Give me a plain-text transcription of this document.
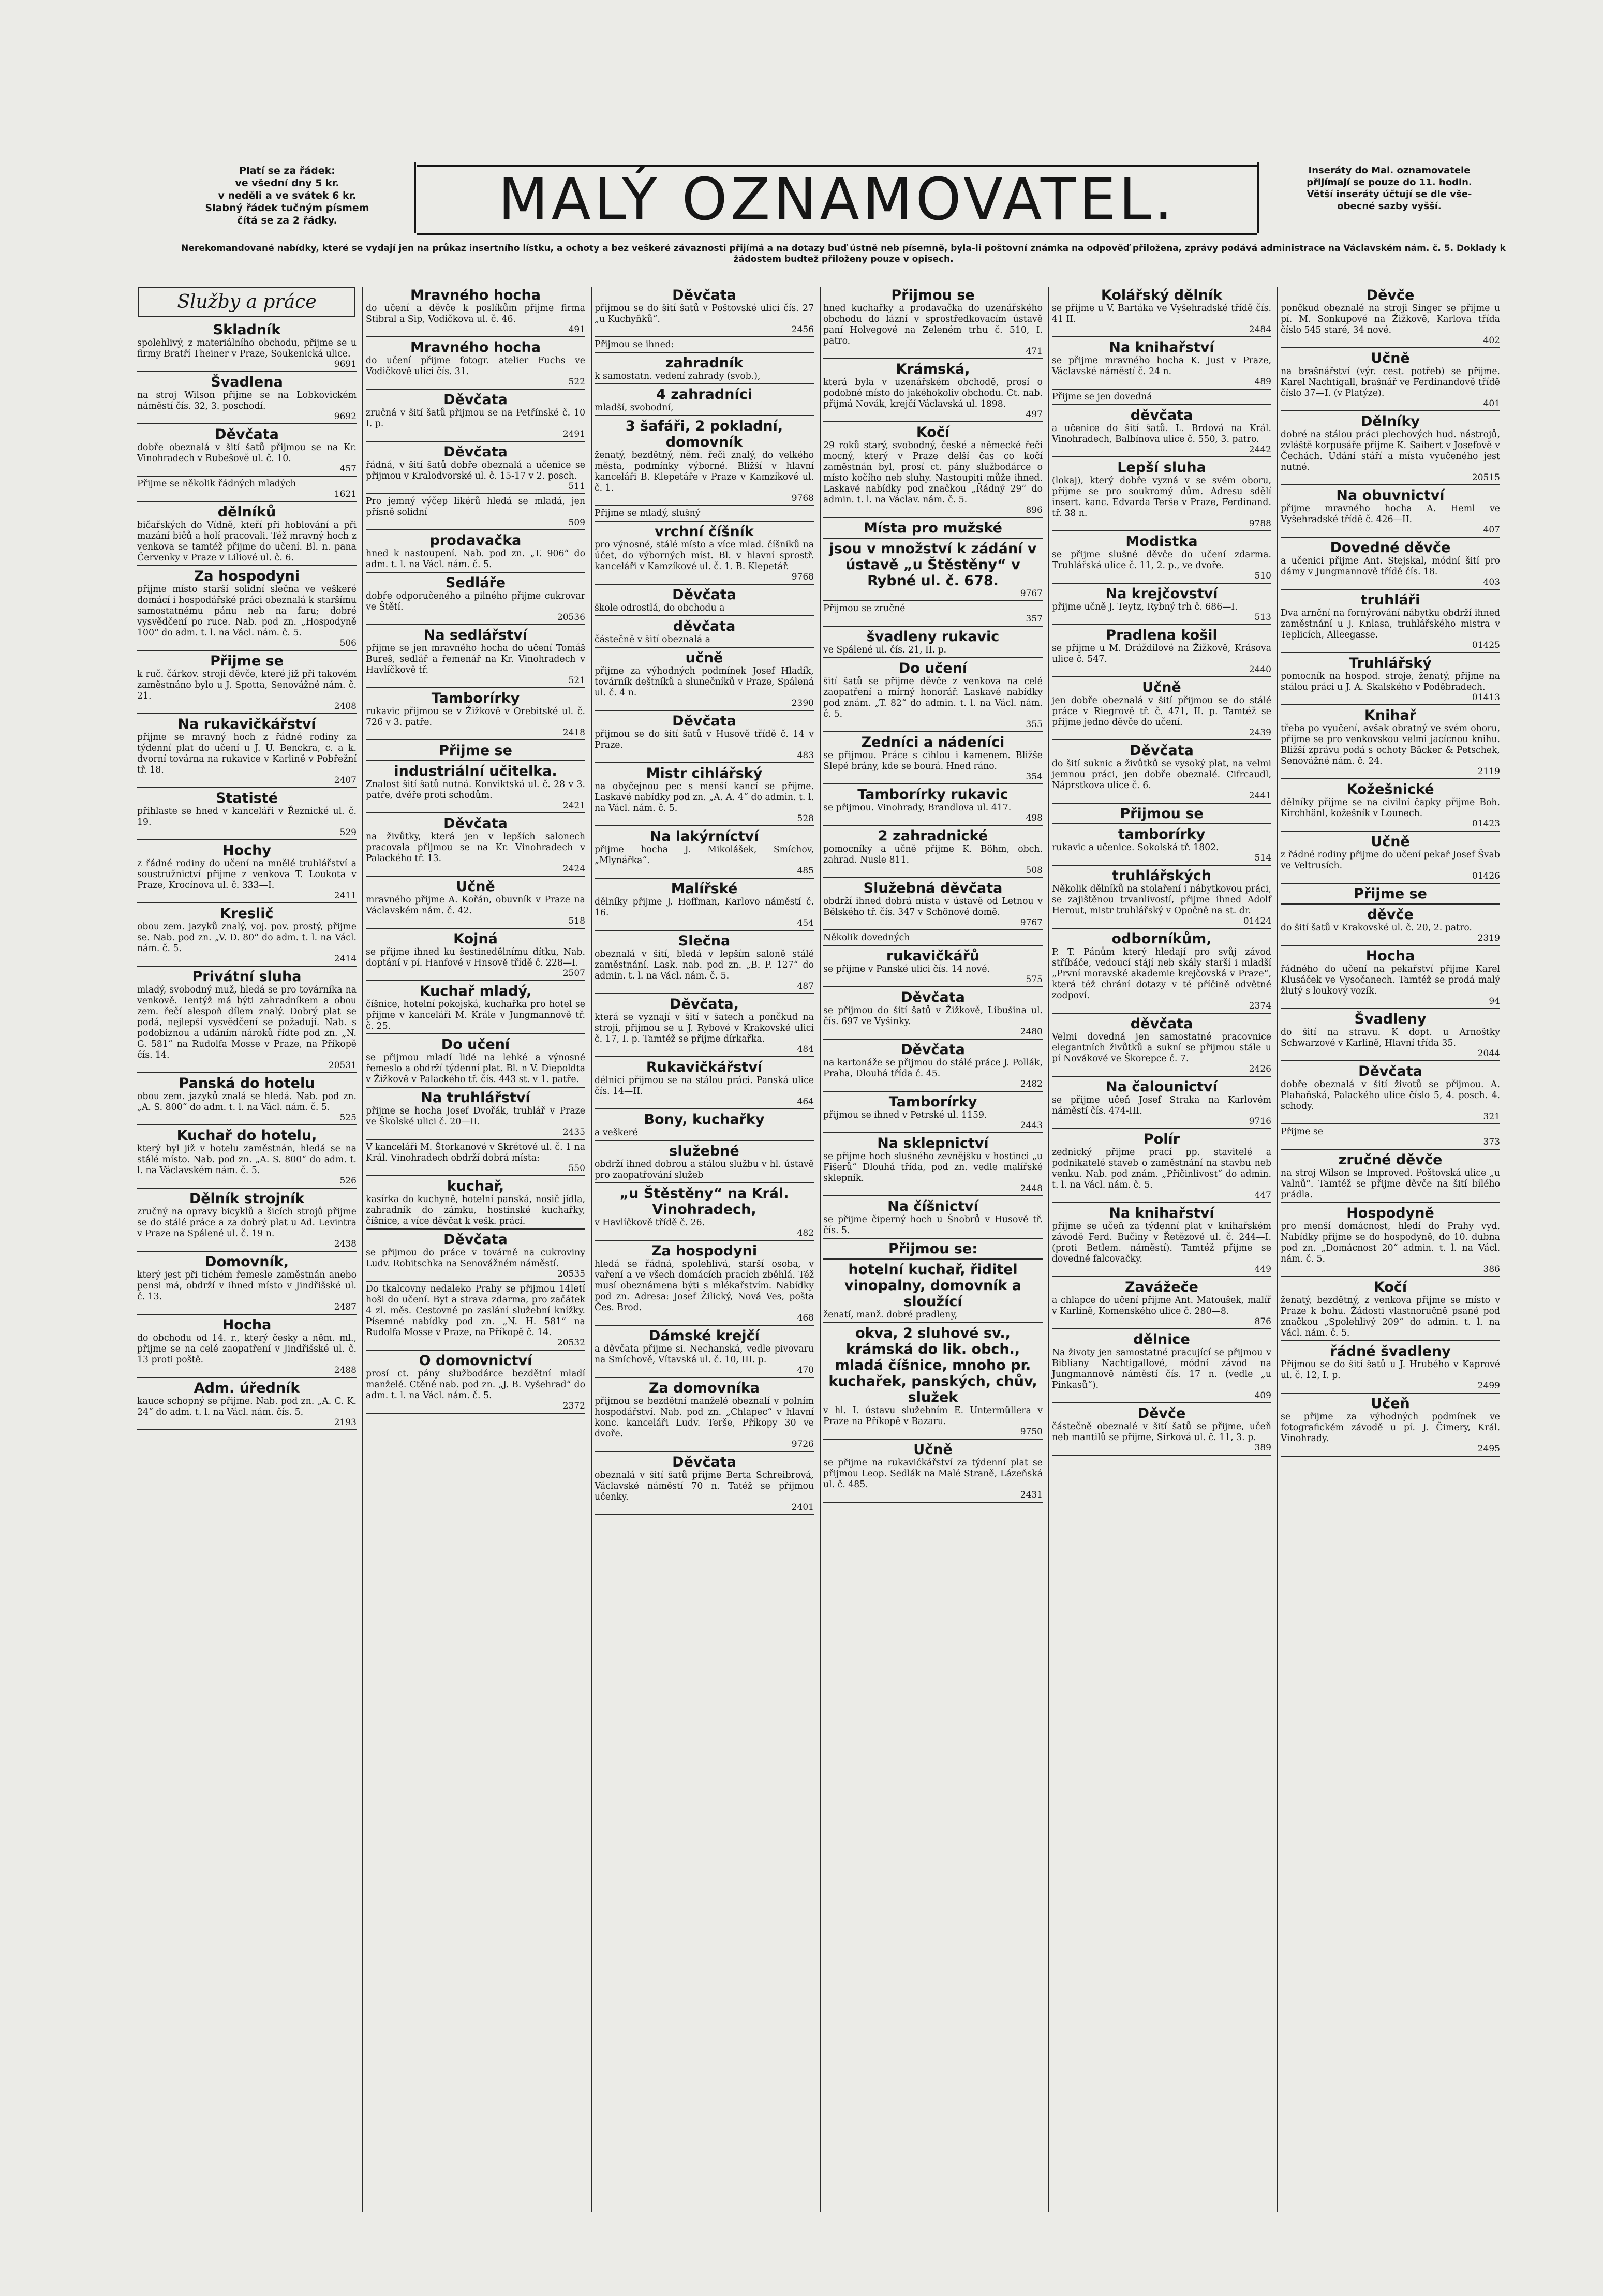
Platí se za řádek:
ve všední dny 5 kr.
v neděli a ve svátek 6 kr.
Slabný řádek tučným písmem
čítá se za 2 řádky.	MALÝ OZNAMOVATEL.	Inseráty do Mal. oznamovatele
přijímají se pouze do 11. hodin.
Větší inseráty účtují se dle vše-
obecné sazby vyšší.
Nerekomandované nabídky, které se vydají jen na průkaz insertního lístku, a ochoty a bez veškeré závaznosti přijímá a na dotazy buď ústně neb písemně, byla-li poštovní známka na odpověď přiložena, zprávy podává administrace na Václavském nám. č. 5. Doklady k žádostem budtež přiloženy pouze v opisech.
Služby a práce
Skladník

spolehlivý, z materiálního obchodu, přijme se u firmy Bratří Theiner v Praze, Soukenická ulice.

9691
Švadlena

na stroj Wilson přijme se na Lobkovickém náměstí čís. 32, 3. poschodí.

9692
Děvčata

dobře obeznalá v šití šatů přijmou se na Kr. Vinohradech v Rubešově ul. č. 10.

457

Přijme se několik řádných mladých

1621
dělníků

bičařských do Vídně, kteří při hoblování a při mazání bičů a holí pracovali. Též mravný hoch z venkova se tamtéž přijme do učení. Bl. n. pana Červenky v Praze v Liliové ul. č. 6.

Za hospodyni

přijme místo starší solidní slečna ve veškeré domácí i hospodářské práci obeznalá k staršímu samostatnému pánu neb na faru; dobré vysvědčení po ruce. Nab. pod zn. „Hospodyně 100“ do adm. t. l. na Václ. nám. č. 5.

506
Přijme se

k ruč. čárkov. stroji děvče, které již při takovém zaměstnáno bylo u J. Spotta, Senovážné nám. č. 21.

2408
Na rukavičkářství

přijme se mravný hoch z řádné rodiny za týdenní plat do učení u J. U. Benckra, c. a k. dvorní továrna na rukavice v Karlině v Pobřežní tř. 18.

2407
Statisté

přihlaste se hned v kanceláři v Řeznické ul. č. 19.

529
Hochy

z řádné rodiny do učení na mnělé truhlářství a soustružnictví přijme z venkova T. Loukota v Praze, Krocínova ul. č. 333—I.

2411
Kreslič

obou zem. jazyků znalý, voj. pov. prostý, přijme se. Nab. pod zn. „V. D. 80“ do adm. t. l. na Václ. nám. č. 5.

2414
Privátní sluha

mladý, svobodný muž, hledá se pro továrníka na venkově. Tentýž má býti zahradníkem a obou zem. řečí alespoň dílem znalý. Dobrý plat se podá, nejlepší vysvědčení se požadují. Nab. s podobiznou a udáním nároků řídte pod zn. „N. G. 581“ na Rudolfa Mosse v Praze, na Příkopě čís. 14.

20531
Panská do hotelu

obou zem. jazyků znalá se hledá. Nab. pod zn. „A. S. 800“ do adm. t. l. na Václ. nám. č. 5.

525
Kuchař do hotelu,

který byl již v hotelu zaměstnán, hledá se na stálé místo. Nab. pod zn. „A. S. 800“ do adm. t. l. na Václavském nám. č. 5.

526
Dělník strojník

zručný na opravy bicyklů a šicích strojů přijme se do stálé práce a za dobrý plat u Ad. Levintra v Praze na Spálené ul. č. 19 n.

2438
Domovník,

který jest při tichém řemesle zaměstnán anebo pensi má, obdrží v ihned místo v Jindřišské ul. č. 13.

2487
Hocha

do obchodu od 14. r., který česky a něm. ml., přijme se na celé zaopatření v Jindřišské ul. č. 13 proti poště.

2488
Adm. úředník

kauce schopný se přijme. Nab. pod zn. „A. C. K. 24“ do adm. t. l. na Václ. nám. čís. 5.

2193
Mravného hocha

do učení a děvče k poslíkům přijme firma Stibral a Sip, Vodičkova ul. č. 46.

491
Mravného hocha

do učení přijme fotogr. atelier Fuchs ve Vodičkově ulici čís. 31.

522
Děvčata

zručná v šití šatů přijmou se na Petřínské č. 10 I. p.

2491
Děvčata

řádná, v šití šatů dobře obeznalá a učenice se přijmou v Kralodvorské ul. č. 15-17 v 2. posch.

511

Pro jemný výčep likérů hledá se mladá, jen přísně solidní

509
prodavačka

hned k nastoupení. Nab. pod zn. „T. 906“ do adm. t. l. na Václ. nám. č. 5.

Sedláře

dobře odporučeného a pilného přijme cukrovar ve Štětí.

20536
Na sedlářství

přijme se jen mravného hocha do učení Tomáš Bureš, sedlář a řemenář na Kr. Vinohradech v Havlíčkově tř.

521
Tamborírky

rukavic přijmou se v Žižkově v Orebitské ul. č. 726 v 3. patře.

2418
Přijme se
industriální učitelka.

Znalost šití šatů nutná. Konviktská ul. č. 28 v 3. patře, dvéře proti schodům.

2421
Děvčata

na živůtky, která jen v lepších salonech pracovala přijmou se na Kr. Vinohradech v Palackého tř. 13.

2424
Učně

mravného přijme A. Kořán, obuvník v Praze na Václavském nám. č. 42.

518
Kojná

se přijme ihned ku šestinedělnímu dítku, Nab. doptání v pí. Hanfové v Hnsově třídě č. 228—I.

2507
Kuchař mladý,

číšnice, hotelní pokojská, kuchařka pro hotel se přijme v kanceláři M. Krále v Jungmannově tř. č. 25.

Do učení

se přijmou mladí lidé na lehké a výnosné řemeslo a obdrží týdenní plat. Bl. n V. Diepoldta v Žižkově v Palackého tř. čís. 443 st. v 1. patře.

Na truhlářství

přijme se hocha Josef Dvořák, truhlář v Praze ve Školské ulici č. 20—II.

2435

V kanceláři M. Štorkanové v Skrétové ul. č. 1 na Král. Vinohradech obdrží dobrá místa:

550
kuchař,

kasírka do kuchyně, hotelní panská, nosič jídla, zahradník do zámku, hostinské kuchařky, číšnice, a více děvčat k vešk. prácí.

Děvčata

se přijmou do práce v továrně na cukroviny Ludv. Robitschka na Senovážném náměstí.

20535

Do tkalcovny nedaleko Prahy se přijmou 14letí hoši do učení. Byt a strava zdarma, pro začátek 4 zl. měs. Cestovné po zaslání služební knížky. Písemné nabídky pod zn. „N. H. 581“ na Rudolfa Mosse v Praze, na Příkopě č. 14.

20532
O domovnictví

prosí ct. pány službodárce bezdětní mladí manželé. Ctěné nab. pod zn. „J. B. Vyšehrad“ do adm. t. l. na Václ. nám. č. 5.

2372
Děvčata

přijmou se do šití šatů v Poštovské ulici čís. 27 „u Kuchyňků“.

2456

Přijmou se ihned:

zahradník

k samostatn. vedení zahrady (svob.),

4 zahradníci

mladší, svobodní,

3 šafáři, 2 pokladní, domovník

ženatý, bezdětný, něm. řeči znalý, do velkého města, podmínky výborné. Bližší v hlavní kanceláři B. Klepetáře v Praze v Kamzíkové ul. č. 1.

9768

Přijme se mladý, slušný

vrchní číšník

pro výnosné, stálé místo a více mlad. číšníků na účet, do výborných míst. Bl. v hlavní sprostř. kanceláři v Kamzíkové ul. č. 1. B. Klepetář.

9768
Děvčata

škole odrostlá, do obchodu a

děvčata

částečně v šití obeznalá a

učně

přijme za výhodných podmínek Josef Hladík, továrník deštníků a slunečníků v Praze, Spálená ul. č. 4 n.

2390
Děvčata

přijmou se do šití šatů v Husově třídě č. 14 v Praze.

483
Mistr cihlářský

na obyčejnou pec s menší kancí se přijme. Laskavé nabídky pod zn. „A. A. 4“ do admin. t. l. na Václ. nám. č. 5.

528
Na lakýrníctví

přijme hocha J. Mikolášek, Smíchov, „Mlynářka“.

485
Malířské

dělníky přijme J. Hoffman, Karlovo náměstí č. 16.

454
Slečna

obeznalá v šití, bledá v lepším saloně stálé zaměstnání. Lask. nab. pod zn. „B. P. 127“ do admin. t. l. na Václ. nám. č. 5.

487
Děvčata,

která se vyznají v šití v šatech a pončkud na stroji, přijmou se u J. Rybové v Krakovské ulici č. 17, I. p. Tamtéž se přijme dírkařka.

484
Rukavičkářství

délnici přijmou se na stálou práci. Panská ulice čís. 14—II.

464
Bony, kuchařky

a veškeré

služebné

obdrží ihned dobrou a stálou službu v hl. ústavě pro zaopatřování služeb

„u Štěstěny“ na Král. Vinohradech,

v Havlíčkově třídě č. 26.

482
Za hospodyni

hledá se řádná, spolehlivá, starší osoba, v vaření a ve všech domácích pracích zběhlá. Též musí obeznámena býti s mlékařstvím. Nabídky pod zn. Adresa: Josef Žilický, Nová Ves, pošta Čes. Brod.

468
Dámské krejčí

a děvčata přijme si. Nechanská, vedle pivovaru na Smíchově, Vítavská ul. č. 10, III. p.

470
Za domovníka

přijmou se bezdětní manželé obeznalí v polním hospodářství. Nab. pod zn. „Chlapec“ v hlavní konc. kanceláři Ludv. Terše, Příkopy 30 ve dvoře.

9726
Děvčata

obeznalá v šití šatů přijme Berta Schreibrová, Václavské náměstí 70 n. Tatéž se přijmou učenky.

2401
Přijmou se

hned kuchařky a prodavačka do uzenářského obchodu do lázní v sprostředkovacím ústavě paní Holvegové na Zeleném trhu č. 510, I. patro.

471
Krámská,

která byla v uzenářském obchodě, prosí o podobné místo do jakéhokoliv obchodu. Ct. nab. přijmá Novák, krejčí Václavská ul. 1898.

497
Kočí

29 roků starý, svobodný, české a německé řeči mocný, který v Praze delší čas co kočí zaměstnán byl, prosí ct. pány službodárce o místo kočího neb sluhy. Nastoupiti může ihned. Laskavé nabídky pod značkou „Řádný 29“ do admin. t. l. na Václav. nám. č. 5.

896
Místa pro mužské
jsou v množství k zádání v ústavě „u Štěstěny“ v Rybné ul. č. 678.
9767

Přijmou se zručné

357
švadleny rukavic

ve Spálené ul. čís. 21, II. p.

Do učení

šití šatů se přijme děvče z venkova na celé zaopatření a mírný honorář. Laskavé nabídky pod znám. „T. 82“ do admin. t. l. na Václ. nám. č. 5.

355
Zedníci a nádeníci

se přijmou. Práce s cihlou i kamenem. Bližše Slepé brány, kde se bourá. Hned ráno.

354
Tamborírky rukavic

se přijmou. Vinohrady, Brandlova ul. 417.

498
2 zahradnické

pomocníky a učně přijme K. Böhm, obch. zahrad. Nusle 811.

508
Služebná děvčata

obdrží ihned dobrá místa v ústavě od Letnou v Bělského tř. čís. 347 v Schönové domě.

9767

Několik dovedných

rukavičkářů

se přijme v Panské ulici čís. 14 nové.

575
Děvčata

se přijmou do šití šatů v Žižkově, Libušina ul. čís. 697 ve Vyšinky.

2480
Děvčata

na kartonáže se přijmou do stálé práce J. Pollák, Praha, Dlouhá třída č. 45.

2482
Tamborírky

přijmou se ihned v Petrské ul. 1159.

2443
Na sklepnictví

se přijme hoch slušného zevnějšku v hostinci „u Fišerů“ Dlouhá třída, pod zn. vedle malířské sklepník.

2448
Na číšnictví

se přijme čiperný hoch u Šnobrů v Husově tř. čís. 5.

Přijmou se:
hotelní kuchař, řiditel vinopalny, domovník a sloužící

ženatí, manž. dobré pradleny,

okva, 2 sluhové sv., krámská do lik. obch., mladá číšnice, mnoho pr. kuchařek, panských, chův, služek

v hl. I. ústavu služebním E. Untermüllera v Praze na Příkopě v Bazaru.

9750
Učně

se přijme na rukavičkářství za týdenní plat se přijmou Leop. Sedlák na Malé Straně, Lázeňská ul. č. 485.

2431
Kolářský dělník

se přijme u V. Bartáka ve Vyšehradské třídě čís. 41 II.

2484
Na knihařství

se přijme mravného hocha K. Just v Praze, Václavské náměstí č. 24 n.

489

Přijme se jen dovedná

děvčata

a učenice do šití šatů. L. Brdová na Král. Vinohradech, Balbínova ulice č. 550, 3. patro.

2442
Lepší sluha

(lokaj), který dobře vyzná v se svém oboru, přijme se pro soukromý dům. Adresu sdělí insert. kanc. Edvarda Terše v Praze, Ferdinand. tř. 38 n.

9788
Modistka

se přijme slušné děvče do učení zdarma. Truhlářská ulice č. 11, 2. p., ve dvoře.

510
Na krejčovství

přijme učně J. Teytz, Rybný trh č. 686—I.

513
Pradlena košil

se přijme u M. Dráždilové na Žižkově, Krásova ulice č. 547.

2440
Učně

jen dobře obeznalá v šití přijmou se do stálé práce v Riegrově tř. č. 471, II. p. Tamtéž se přijme jedno děvče do učení.

2439
Děvčata

do šití suknic a živůtků se vysoký plat, na velmi jemnou práci, jen dobře obeznalé. Cifrcaudl, Náprstkova ulice č. 6.

2441
Přijmou se
tamborírky

rukavic a učenice. Sokolská tř. 1802.

514
truhlářských

Několik dělníků na stolaření i nábytkovou práci, se zajištěnou trvanlivostí, přijme ihned Adolf Herout, mistr truhlářský v Opočně na st. dr.

01424
odborníkům,

P. T. Pánům který hledají pro svůj závod stříbáče, vedoucí stájí neb skály starší i mladší „První moravské akademie krejčovská v Praze“, která též chrání dotazy v té příčině odvětné zodpoví.

2374
děvčata

Velmi dovedná jen samostatné pracovnice elegantních živůtků a sukní se přijmou stále u pí Novákové ve Škorepce č. 7.

2426
Na čalounictví

se přijme učeň Josef Straka na Karlovém náměstí čís. 474-III.

9716
Polír

zednický přijme prací pp. stavitelé a podnikatelé staveb o zaměstnání na stavbu neb venku. Nab. pod znám. „Přičinlivost“ do admin. t. l. na Václ. nám. č. 5.

447
Na knihařství

přijme se učeň za týdenní plat v knihařském závodě Ferd. Bučiny v Řetězové ul. č. 244—I. (proti Betlem. náměstí). Tamtéž přijme se dovedné falcovačky.

449
Zavážeče

a chlapce do učení přijme Ant. Matoušek, malíř v Karlině, Komenského ulice č. 280—8.

876
dělnice

Na životy jen samostatné pracující se přijmou v Bibliany Nachtigallové, módní závod na Jungmannově náměstí čís. 17 n. (vedle „u Pinkasů“).

409
Děvče

částečně obeznalé v šití šatů se přijme, učeň neb mantilů se přijme, Sirková ul. č. 11, 3. p.

389
Děvče

pončkud obeznalé na stroji Singer se přijme u pí. M. Sonkupové na Žižkově, Karlova třída číslo 545 staré, 34 nové.

402
Učně

na brašnářství (výr. cest. potřeb) se přijme. Karel Nachtigall, brašnář ve Ferdinandově třídě číslo 37—I. (v Platýze).

401
Dělníky

dobré na stálou práci plechových hud. nástrojů, zvláště korpusáře přijme K. Saibert v Josefově v Čechách. Udání stáří a místa vyučeného jest nutné.

20515
Na obuvnictví

přijme mravného hocha A. Heml ve Vyšehradské třídě č. 426—II.

407
Dovedné děvče

a učenici přijme Ant. Stejskal, módní šití pro dámy v Jungmannově třídě čís. 18.

403
truhláři

Dva arnční na fornýrování nábytku obdrží ihned zaměstnání u J. Knlasa, truhlářského mistra v Teplicích, Alleegasse.

01425
Truhlářský

pomocník na hospod. stroje, ženatý, přijme na stálou práci u J. A. Skalského v Poděbradech.

01413
Knihař

třeba po vyučení, avšak obratný ve svém oboru, přijme se pro venkovskou velmi jacícnou knihu. Bližší zprávu podá s ochoty Bäcker & Petschek, Senovážné nám. č. 24.

2119
Kožešnické

dělníky přijme se na civilní čapky přijme Boh. Kirchhänl, kožešník v Lounech.

01423
Učně

z řádné rodiny přijme do učení pekař Josef Švab ve Veltrusích.

01426
Přijme se
děvče

do šití šatů v Krakovské ul. č. 20, 2. patro.

2319
Hocha

řádného do učení na pekařství přijme Karel Klusáček ve Vysočanech. Tamtéž se prodá malý žlutý s loukový vozík.

94
Švadleny

do šití na stravu. K dopt. u Arnoštky Schwarzové v Karlině, Hlavní třída 35.

2044
Děvčata

dobře obeznalá v šití životů se přijmou. A. Plahaňská, Palackého ulice číslo 5, 4. posch. 4. schody.

321

Přijme se

373
zručné děvče

na stroj Wilson se Improved. Poštovská ulice „u Valnů“. Tamtéž se přijme děvče na šití bílého prádla.

Hospodyně

pro menší domácnost, hledí do Prahy vyd. Nabídky přijme se do hospodyně, do 10. dubna pod zn. „Domácnost 20“ admin. t. l. na Václ. nám. č. 5.

386
Kočí

ženatý, bezdětný, z venkova přijme se místo v Praze k bohu. Žádosti vlastnoručně psané pod značkou „Spolehlivý 209“ do admin. t. l. na Václ. nám. č. 5.

řádné švadleny

Přijmou se do šití šatů u J. Hrubého v Kaprové ul. č. 12, I. p.

2499
Učeň

se přijme za výhodných podmínek ve fotografickém závodě u pí. J. Čimery, Král. Vinohrady.

2495
